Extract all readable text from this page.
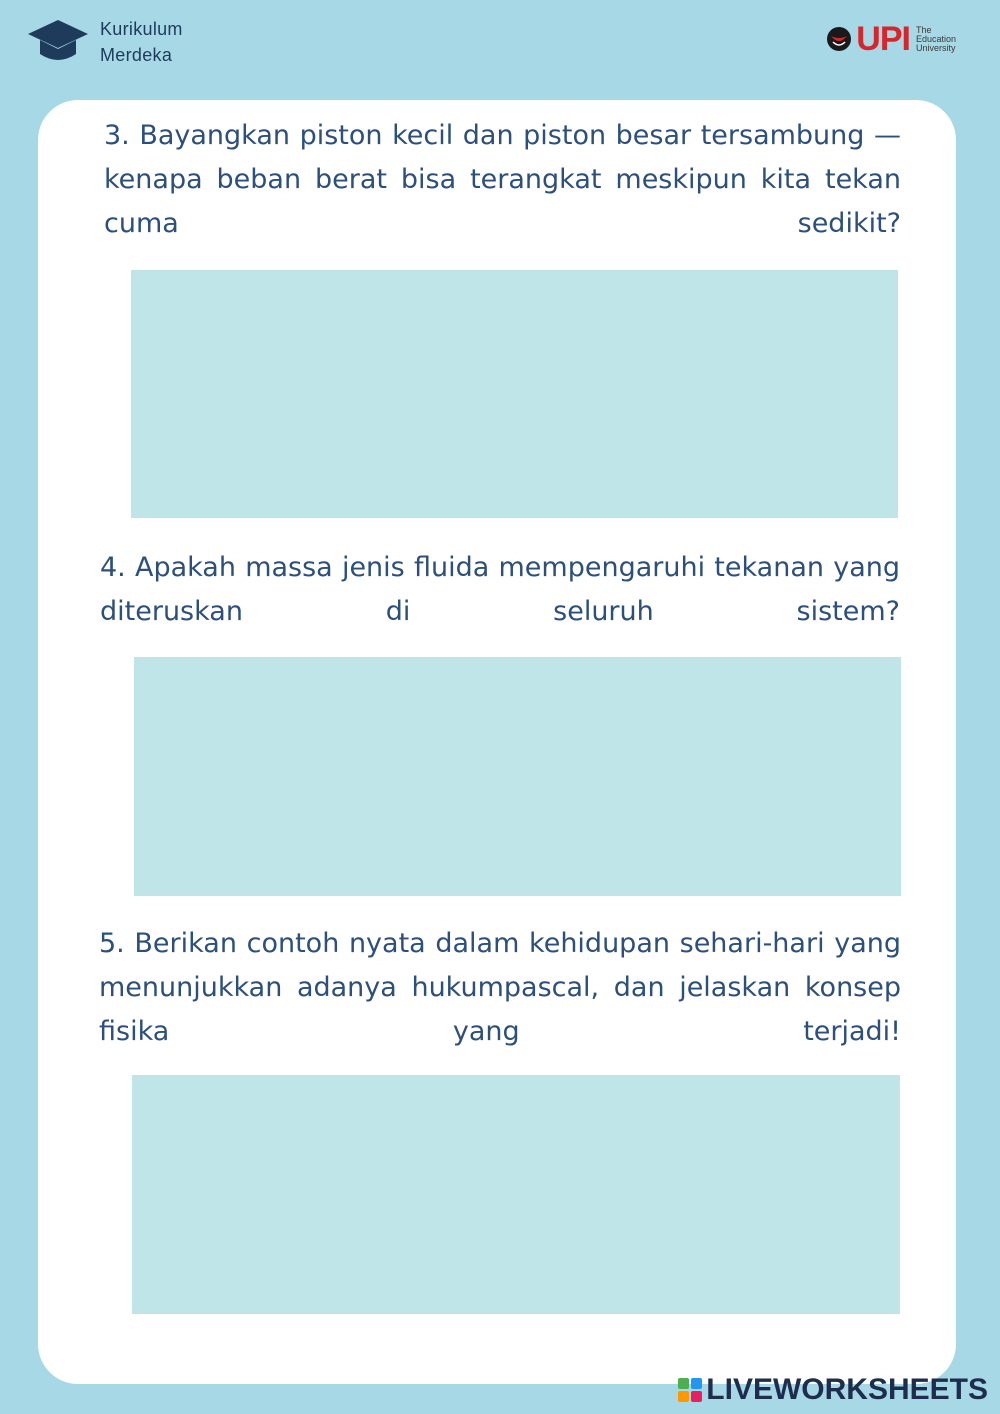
Kurikulum
Merdeka	UPI The
Education
University

3. Bayangkan piston kecil dan piston besar tersambung — kenapa beban berat bisa terangkat meskipun kita tekan cuma sedikit?

4. Apakah massa jenis fluida mempengaruhi tekanan yang diteruskan di seluruh sistem?

5. Berikan contoh nyata dalam kehidupan sehari-hari yang menunjukkan adanya hukumpascal, dan jelaskan konsep fisika yang terjadi!

LIVEWORKSHEETS
